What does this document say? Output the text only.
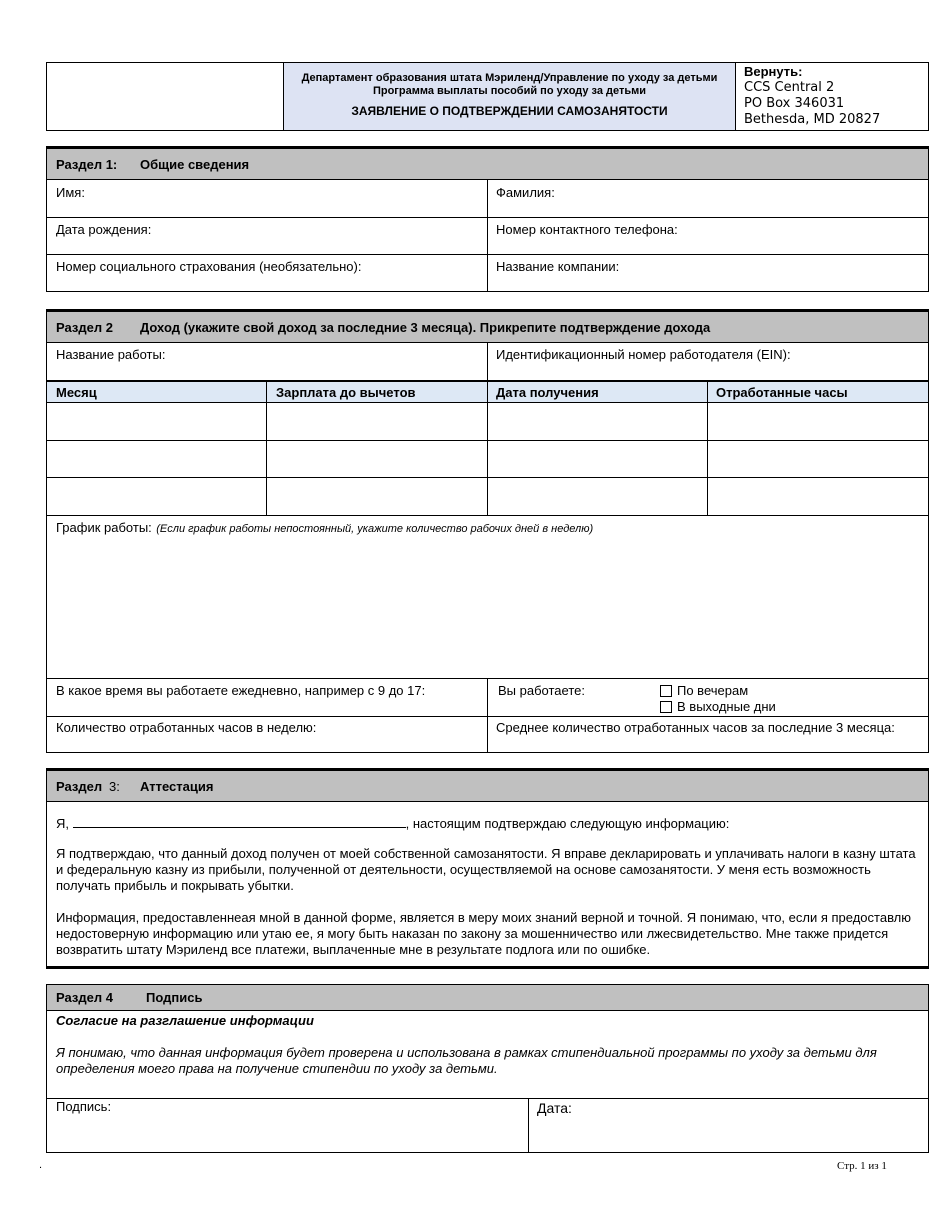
Департамент образования штата Мэриленд/Управление по уходу за детьми
Программа выплаты пособий по уходу за детьми
ЗАЯВЛЕНИЕ О ПОДТВЕРЖДЕНИИ САМОЗАНЯТОСТИ
Вернуть:
CCS Central 2
PO Box 346031
Bethesda, MD 20827
Раздел 1: Общие сведения
Имя:	Фамилия:
Дата рождения:	Номер контактного телефона:
Номер социального страхования (необязательно):	Название компании:
Раздел 2 Доход (укажите свой доход за последние 3 месяца). Прикрепите подтверждение дохода
Название работы:	Идентификационный номер работодателя (EIN):
Месяц	Зарплата до вычетов	Дата получения	Отработанные часы
График работы: (Если график работы непостоянный, укажите количество рабочих дней в неделю)
В какое время вы работаете ежедневно, например с 9 до 17:	Вы работаете:	По вечерам
В выходные дни
Количество отработанных часов в неделю:	Среднее количество отработанных часов за последние 3 месяца:
Раздел 3: Аттестация
Я,	, настоящим подтверждаю следующую информацию:
Я подтверждаю, что данный доход получен от моей собственной самозанятости. Я вправе декларировать и уплачивать налоги в казну штата и федеральную казну из прибыли, полученной от деятельности, осуществляемой на основе самозанятости. У меня есть возможность получать прибыль и покрывать убытки.
Информация, предоставленнеая мной в данной форме, является в меру моих знаний верной и точной. Я понимаю, что, если я предоставлю недостоверную информацию или утаю ее, я могу быть наказан по закону за мошенничество или лжесвидетельство. Мне также придется возвратить штату Мэриленд все платежи, выплаченные мне в результате подлога или по ошибке.
Раздел 4	Подпись
Согласие на разглашение информации
Я понимаю, что данная информация будет проверена и использована в рамках стипендиальной программы по уходу за детьми для определения моего права на получение стипендии по уходу за детьми.
Подпись:	Дата:
.	Стр. 1 из 1
